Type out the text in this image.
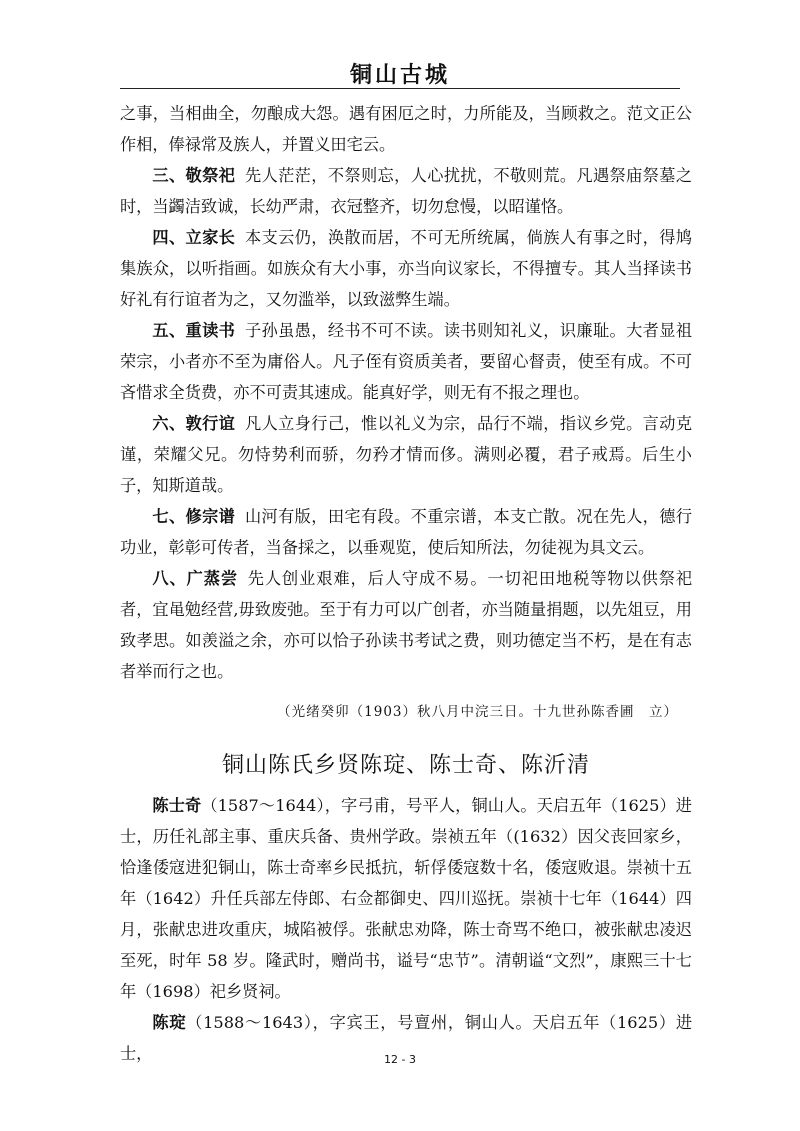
铜山古城

之事，当相曲全，勿酿成大怨。遇有困厄之时，力所能及，当顾救之。范文正公作相，俸禄常及族人，并置义田宅云。

三、敬祭祀 先人茫茫，不祭则忘，人心扰扰，不敬则荒。凡遇祭庙祭墓之时，当蠲洁致诚，长幼严肃，衣冠整齐，切勿怠慢，以昭谨恪。

四、立家长 本支云仍，涣散而居，不可无所统属，倘族人有事之时，得鸠集族众，以听指画。如族众有大小事，亦当向议家长，不得擅专。其人当择读书好礼有行谊者为之，又勿滥举，以致滋弊生端。

五、重读书 子孙虽愚，经书不可不读。读书则知礼义，识廉耻。大者显祖荣宗，小者亦不至为庸俗人。凡子侄有资质美者，要留心督责，使至有成。不可吝惜求全货费，亦不可责其速成。能真好学，则无有不报之理也。

六、敦行谊 凡人立身行己，惟以礼义为宗，品行不端，指议乡党。言动克谨，荣耀父兄。勿恃势利而骄，勿矜才情而侈。满则必覆，君子戒焉。后生小子，知斯道哉。

七、修宗谱 山河有版，田宅有段。不重宗谱，本支亡散。况在先人，德行功业，彰彰可传者，当备採之，以垂观览，使后知所法，勿徒视为具文云。

八、广蒸尝 先人创业艰难，后人守成不易。一切祀田地税等物以供祭祀者，宜黾勉经营,毋致废弛。至于有力可以广创者，亦当随量捐题，以先俎豆，用致孝思。如羡溢之余，亦可以恰子孙读书考试之费，则功德定当不朽，是在有志者举而行之也。

（光绪癸卯（1903）秋八月中浣三日。十九世孙陈香圃　立）

铜山陈氏乡贤陈琔、陈士奇、陈沂清

陈士奇（1587～1644），字弓甫，号平人，铜山人。天启五年（1625）进士，历任礼部主事、重庆兵备、贵州学政。崇祯五年（(1632）因父丧回家乡，恰逢倭寇进犯铜山，陈士奇率乡民抵抗，斩俘倭寇数十名，倭寇败退。崇祯十五年（1642）升任兵部左侍郎、右佥都御史、四川巡抚。崇祯十七年（1644）四月，张献忠进攻重庆，城陷被俘。张献忠劝降，陈士奇骂不绝口，被张献忠凌迟至死，时年 58 岁。隆武时，赠尚书，谥号“忠节”。清朝谥“文烈”，康熙三十七年（1698）祀乡贤祠。

陈琔（1588～1643），字宾王，号亶州，铜山人。天启五年（1625）进士，	12 - 3
